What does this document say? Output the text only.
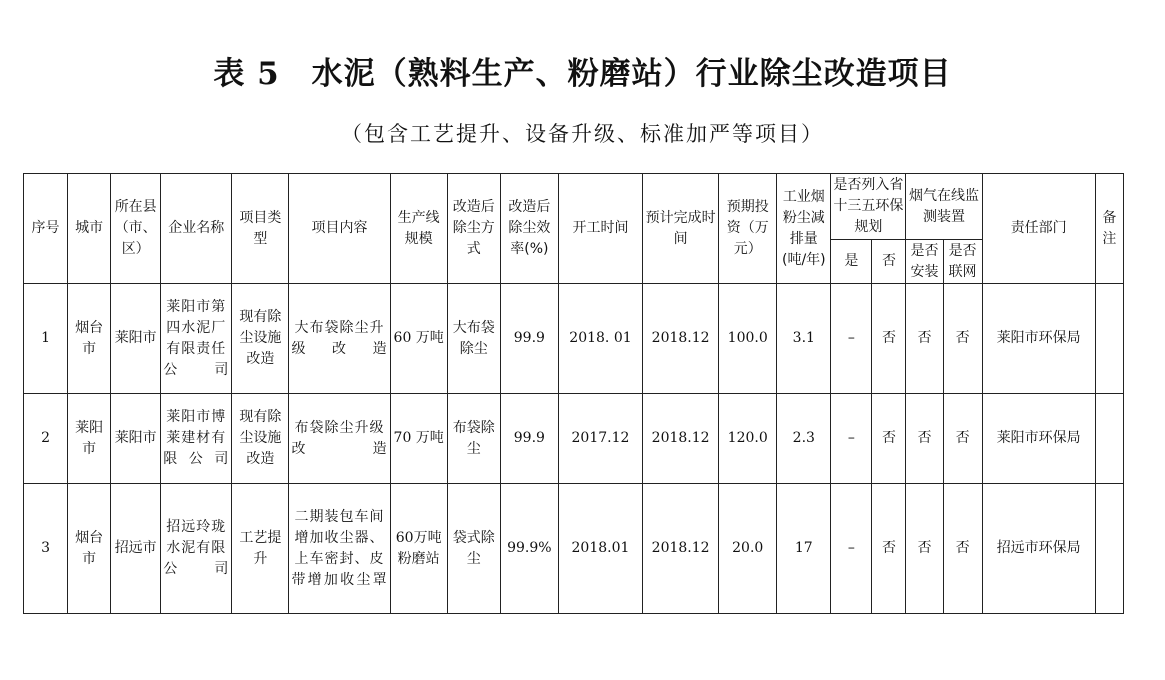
表 5　水泥（熟料生产、粉磨站）行业除尘改造项目
（包含工艺提升、设备升级、标准加严等项目）
序号	城市	所在县（市、区）	企业名称	项目类型	项目内容	生产线规模	改造后除尘方式	改造后除尘效率(%)	开工时间	预计完成时间	预期投资（万元）	工业烟粉尘减排量(吨/年)	是否列入省十三五环保规划		烟气在线监测装置		责任部门	备注
													是	否	是否安装	是否联网		
1	烟台市	莱阳市	莱阳市第四水泥厂有限责任公司	现有除尘设施改造	大布袋除尘升级改造	60 万吨	大布袋除尘	99.9	2018. 01	2018.12	100.0	3.1	–	否	否	否	莱阳市环保局	
2	莱阳市	莱阳市	莱阳市博莱建材有限公司	现有除尘设施改造	布袋除尘升级改造	70 万吨	布袋除尘	99.9	2017.12	2018.12	120.0	2.3	–	否	否	否	莱阳市环保局	
3	烟台市	招远市	招远玲珑水泥有限公司	工艺提升	二期装包车间增加收尘器、上车密封、皮带增加收尘罩	60万吨粉磨站	袋式除尘	99.9%	2018.01	2018.12	20.0	17	–	否	否	否	招远市环保局	
